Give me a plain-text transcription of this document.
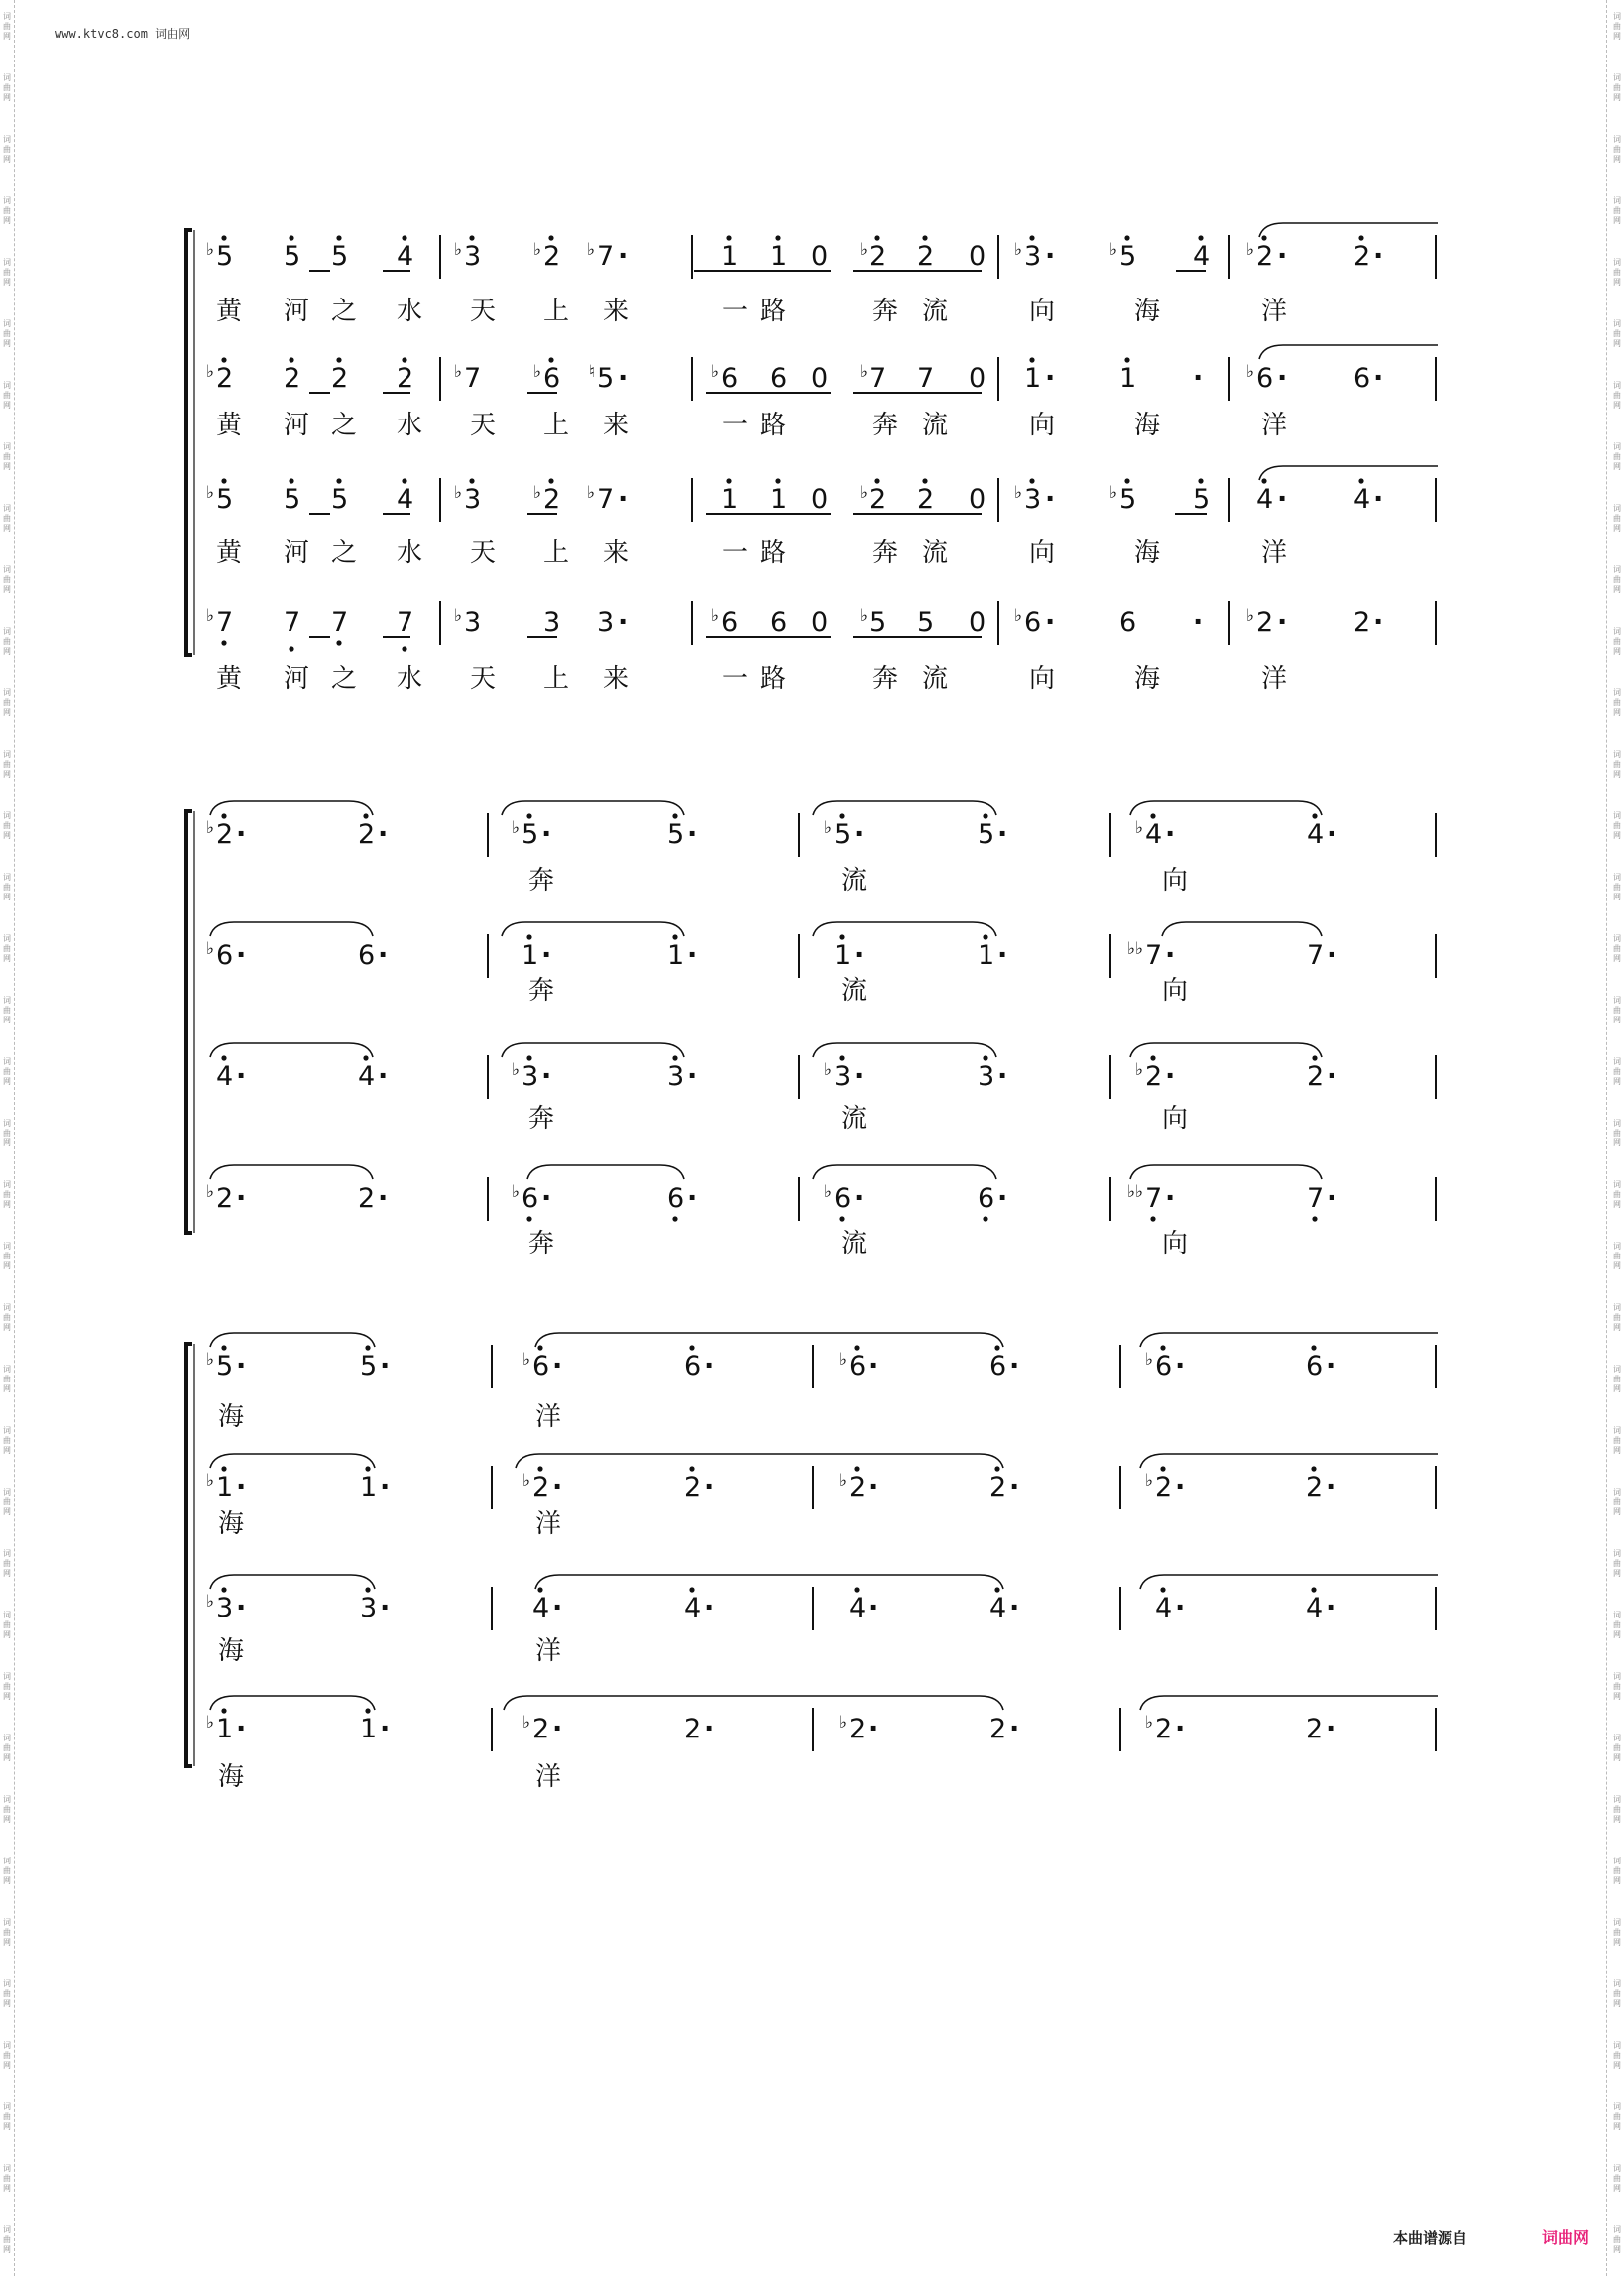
词
曲
网
词
曲
网
词
曲
网
词
曲
网
词
曲
网
词
曲
网
词
曲
网
词
曲
网
词
曲
网
词
曲
网
词
曲
网
词
曲
网
词
曲
网
词
曲
网
词
曲
网
词
曲
网
词
曲
网
词
曲
网
词
曲
网
词
曲
网
词
曲
网
词
曲
网
词
曲
网
词
曲
网
词
曲
网
词
曲
网
词
曲
网
词
曲
网
词
曲
网
词
曲
网
词
曲
网
词
曲
网
词
曲
网
词
曲
网
词
曲
网
词
曲
网
词
曲
网
词
曲
网
词
曲
网
词
曲
网
词
曲
网
词
曲
网
词
曲
网
词
曲
网
词
曲
网
词
曲
网
词
曲
网
词
曲
网
词
曲
网
词
曲
网
词
曲
网
词
曲
网
词
曲
网
词
曲
网
词
曲
网
词
曲
网
词
曲
网
词
曲
网
词
曲
网
词
曲
网
词
曲
网
词
曲
网
词
曲
网
词
曲
网
词
曲
网
词
曲
网
词
曲
网
词
曲
网
词
曲
网
词
曲
网
词
曲
网
词
曲
网
词
曲
网
词
曲
网
www.ktvc8.com 词曲网
♭ 5 5 5 4 ♭ 3	♭ 2 ♭ 7 ·	1 1 0 ♭ 2 2 0 ♭ 3 ·	♭ 5 4 ♭ 2 · 2 ·
黄 河 之 水 天 上 来	一 路	奔 流	向	海	洋
♭ 2 2 2 2 ♭ 7	♭ 6 ♮ 5 ·	♭ 6 6 0 ♭ 7 7 0 1 · 1 ·	♭ 6 · 6 ·
黄 河 之 水 天 上 来	一 路	奔 流	向	海	洋
♭ 5 5 5 4 ♭ 3	♭ 2 ♭ 7 ·	1 1 0 ♭ 2 2 0 ♭ 3 ·	♭ 5 5 4 · 4 ·
黄 河 之 水 天 上 来	一 路	奔 流	向	海	洋
♭ 7 7 7 7 ♭ 3 3 3 ·	♭ 6 6 0 ♭ 5 5 0 ♭ 6 · 6 ·	♭ 2 · 2 ·
黄 河 之 水 天 上 来	一 路	奔 流	向	海	洋
♭ 2 ·	2 ·	♭ 5 ·	5 ·	♭ 5 ·	5 ·	♭ 4 ·	4 ·
奔	流	向
♭ 6 ·	6 ·	1 ·	1 ·	1 ·	1 ·	♭♭ 7 ·	7 ·
奔	流	向
4 ·	4 ·	♭ 3 ·	3 ·	♭ 3 ·	3 ·	♭ 2 ·	2 ·
奔	流	向
♭ 2 ·	2 ·	♭ 6 ·	6 ·	♭ 6 ·	6 ·	♭♭ 7 ·	7 ·
奔	流	向
♭ 5 ·	5 ·	♭ 6 ·	6 ·	♭ 6 ·	6 ·	♭ 6 ·	6 ·
海	洋
♭ 1 ·	1 ·	♭ 2 ·	2 ·	♭ 2 ·	2 ·	♭ 2 ·	2 ·
海	洋
♭ 3 ·	3 ·	4 ·	4 ·	4 ·	4 ·	4 ·	4 ·
海	洋
♭ 1 ·	1 ·	♭ 2 ·	2 ·	♭ 2 ·	2 ·	♭ 2 ·	2 ·
海	洋
本曲谱源自	词曲网
